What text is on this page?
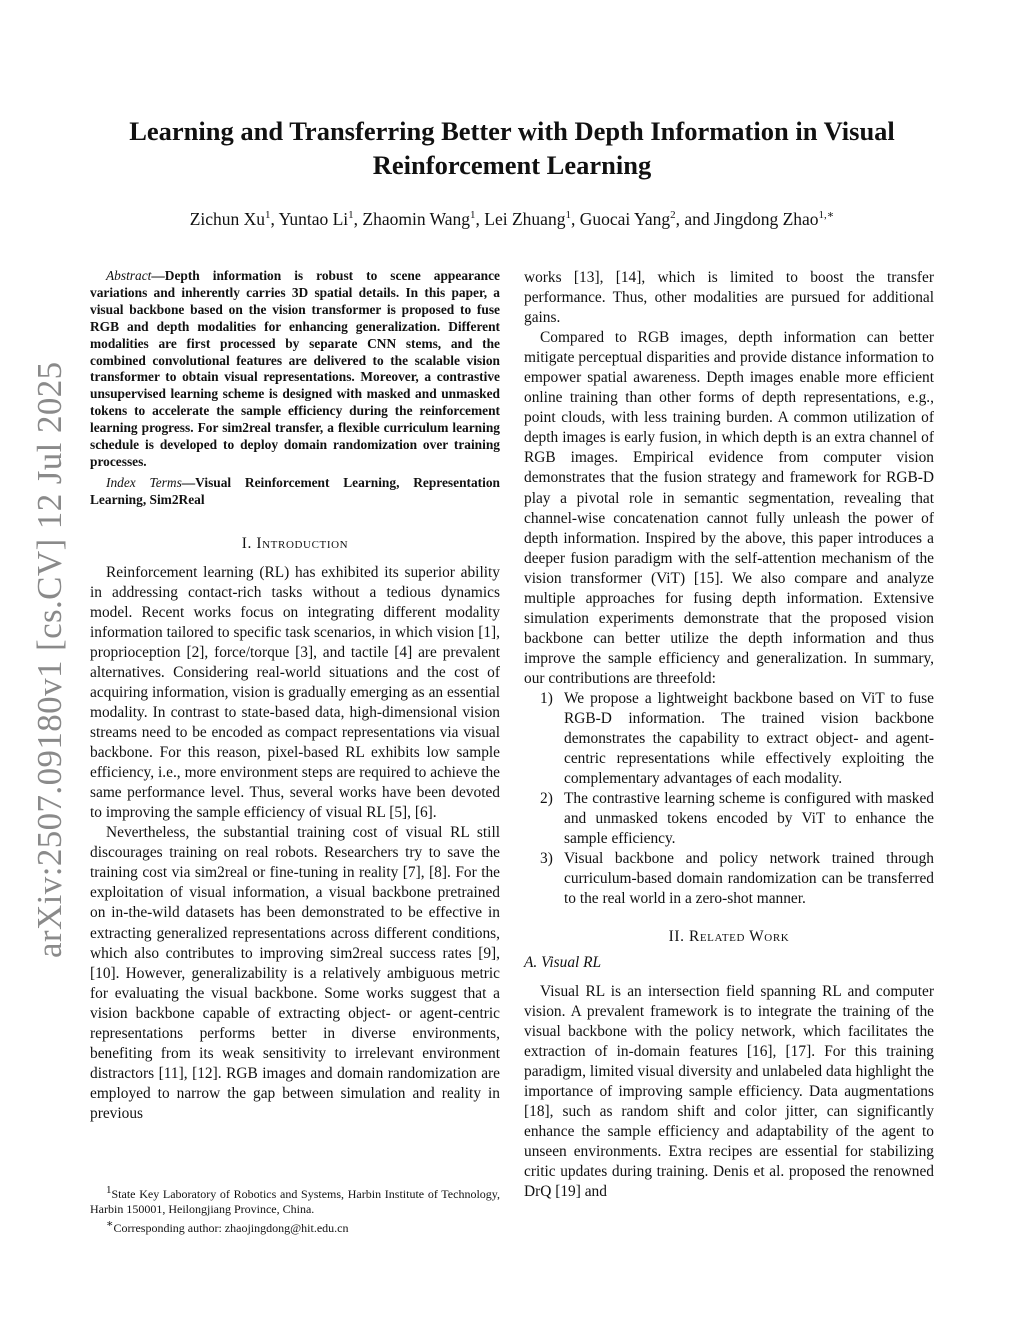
arXiv:2507.09180v1 [cs.CV] 12 Jul 2025
Learning and Transferring Better with Depth Information in Visual Reinforcement Learning

Zichun Xu$^1$, Yuntao Li$^1$, Zhaomin Wang$^1$, Lei Zhuang$^1$, Guocai Yang$^2$, and Jingdong Zhao$^{1,∗}$

Abstract—Depth information is robust to scene appearance variations and inherently carries 3D spatial details. In this paper, a visual backbone based on the vision transformer is proposed to fuse RGB and depth modalities for enhancing generalization. Different modalities are first processed by separate CNN stems, and the combined convolutional features are delivered to the scalable vision transformer to obtain visual representations. Moreover, a contrastive unsupervised learning scheme is designed with masked and unmasked tokens to accelerate the sample efficiency during the reinforcement learning progress. For sim2real transfer, a flexible curriculum learning schedule is developed to deploy domain randomization over training processes.

Index Terms—Visual Reinforcement Learning, Representation Learning, Sim2Real

I. Introduction

Reinforcement learning (RL) has exhibited its superior ability in addressing contact-rich tasks without a tedious dynamics model. Recent works focus on integrating different modality information tailored to specific task scenarios, in which vision [1], proprioception [2], force/torque [3], and tactile [4] are prevalent alternatives. Considering real-world situations and the cost of acquiring information, vision is gradually emerging as an essential modality. In contrast to state-based data, high-dimensional vision streams need to be encoded as compact representations via visual backbone. For this reason, pixel-based RL exhibits low sample efficiency, i.e., more environment steps are required to achieve the same performance level. Thus, several works have been devoted to improving the sample efficiency of visual RL [5], [6].

Nevertheless, the substantial training cost of visual RL still discourages training on real robots. Researchers try to save the training cost via sim2real or fine-tuning in reality [7], [8]. For the exploitation of visual information, a visual backbone pretrained on in-the-wild datasets has been demonstrated to be effective in extracting generalized representations across different conditions, which also contributes to improving sim2real success rates [9], [10]. However, generalizability is a relatively ambiguous metric for evaluating the visual backbone. Some works suggest that a vision backbone capable of extracting object- or agent-centric representations performs better in diverse environments, benefiting from its weak sensitivity to irrelevant environment distractors [11], [12]. RGB images and domain randomization are employed to narrow the gap between simulation and reality in previous

works [13], [14], which is limited to boost the transfer performance. Thus, other modalities are pursued for additional gains.

Compared to RGB images, depth information can better mitigate perceptual disparities and provide distance information to empower spatial awareness. Depth images enable more efficient online training than other forms of depth representations, e.g., point clouds, with less training burden. A common utilization of depth images is early fusion, in which depth is an extra channel of RGB images. Empirical evidence from computer vision demonstrates that the fusion strategy and framework for RGB-D play a pivotal role in semantic segmentation, revealing that channel-wise concatenation cannot fully unleash the power of depth information. Inspired by the above, this paper introduces a deeper fusion paradigm with the self-attention mechanism of the vision transformer (ViT) [15]. We also compare and analyze multiple approaches for fusing depth information. Extensive simulation experiments demonstrate that the proposed vision backbone can better utilize the depth information and thus improve the sample efficiency and generalization. In summary, our contributions are threefold:

1) We propose a lightweight backbone based on ViT to fuse RGB-D information. The trained vision backbone demonstrates the capability to extract object- and agent-centric representations while effectively exploiting the complementary advantages of each modality.
2) The contrastive learning scheme is configured with masked and unmasked tokens encoded by ViT to enhance the sample efficiency.
3) Visual backbone and policy network trained through curriculum-based domain randomization can be transferred to the real world in a zero-shot manner.
II. Related Work

A. Visual RL

Visual RL is an intersection field spanning RL and computer vision. A prevalent framework is to integrate the training of the visual backbone with the policy network, which facilitates the extraction of in-domain features [16], [17]. For this training paradigm, limited visual diversity and unlabeled data highlight the importance of improving sample efficiency. Data augmentations [18], such as random shift and color jitter, can significantly enhance the sample efficiency and adaptability of the agent to unseen environments. Extra recipes are essential for stabilizing critic updates during training. Denis et al. proposed the renowned DrQ [19] and

$^1$State Key Laboratory of Robotics and Systems, Harbin Institute of Technology, Harbin 150001, Heilongjiang Province, China.

∗Corresponding author: zhaojingdong@hit.edu.cn
